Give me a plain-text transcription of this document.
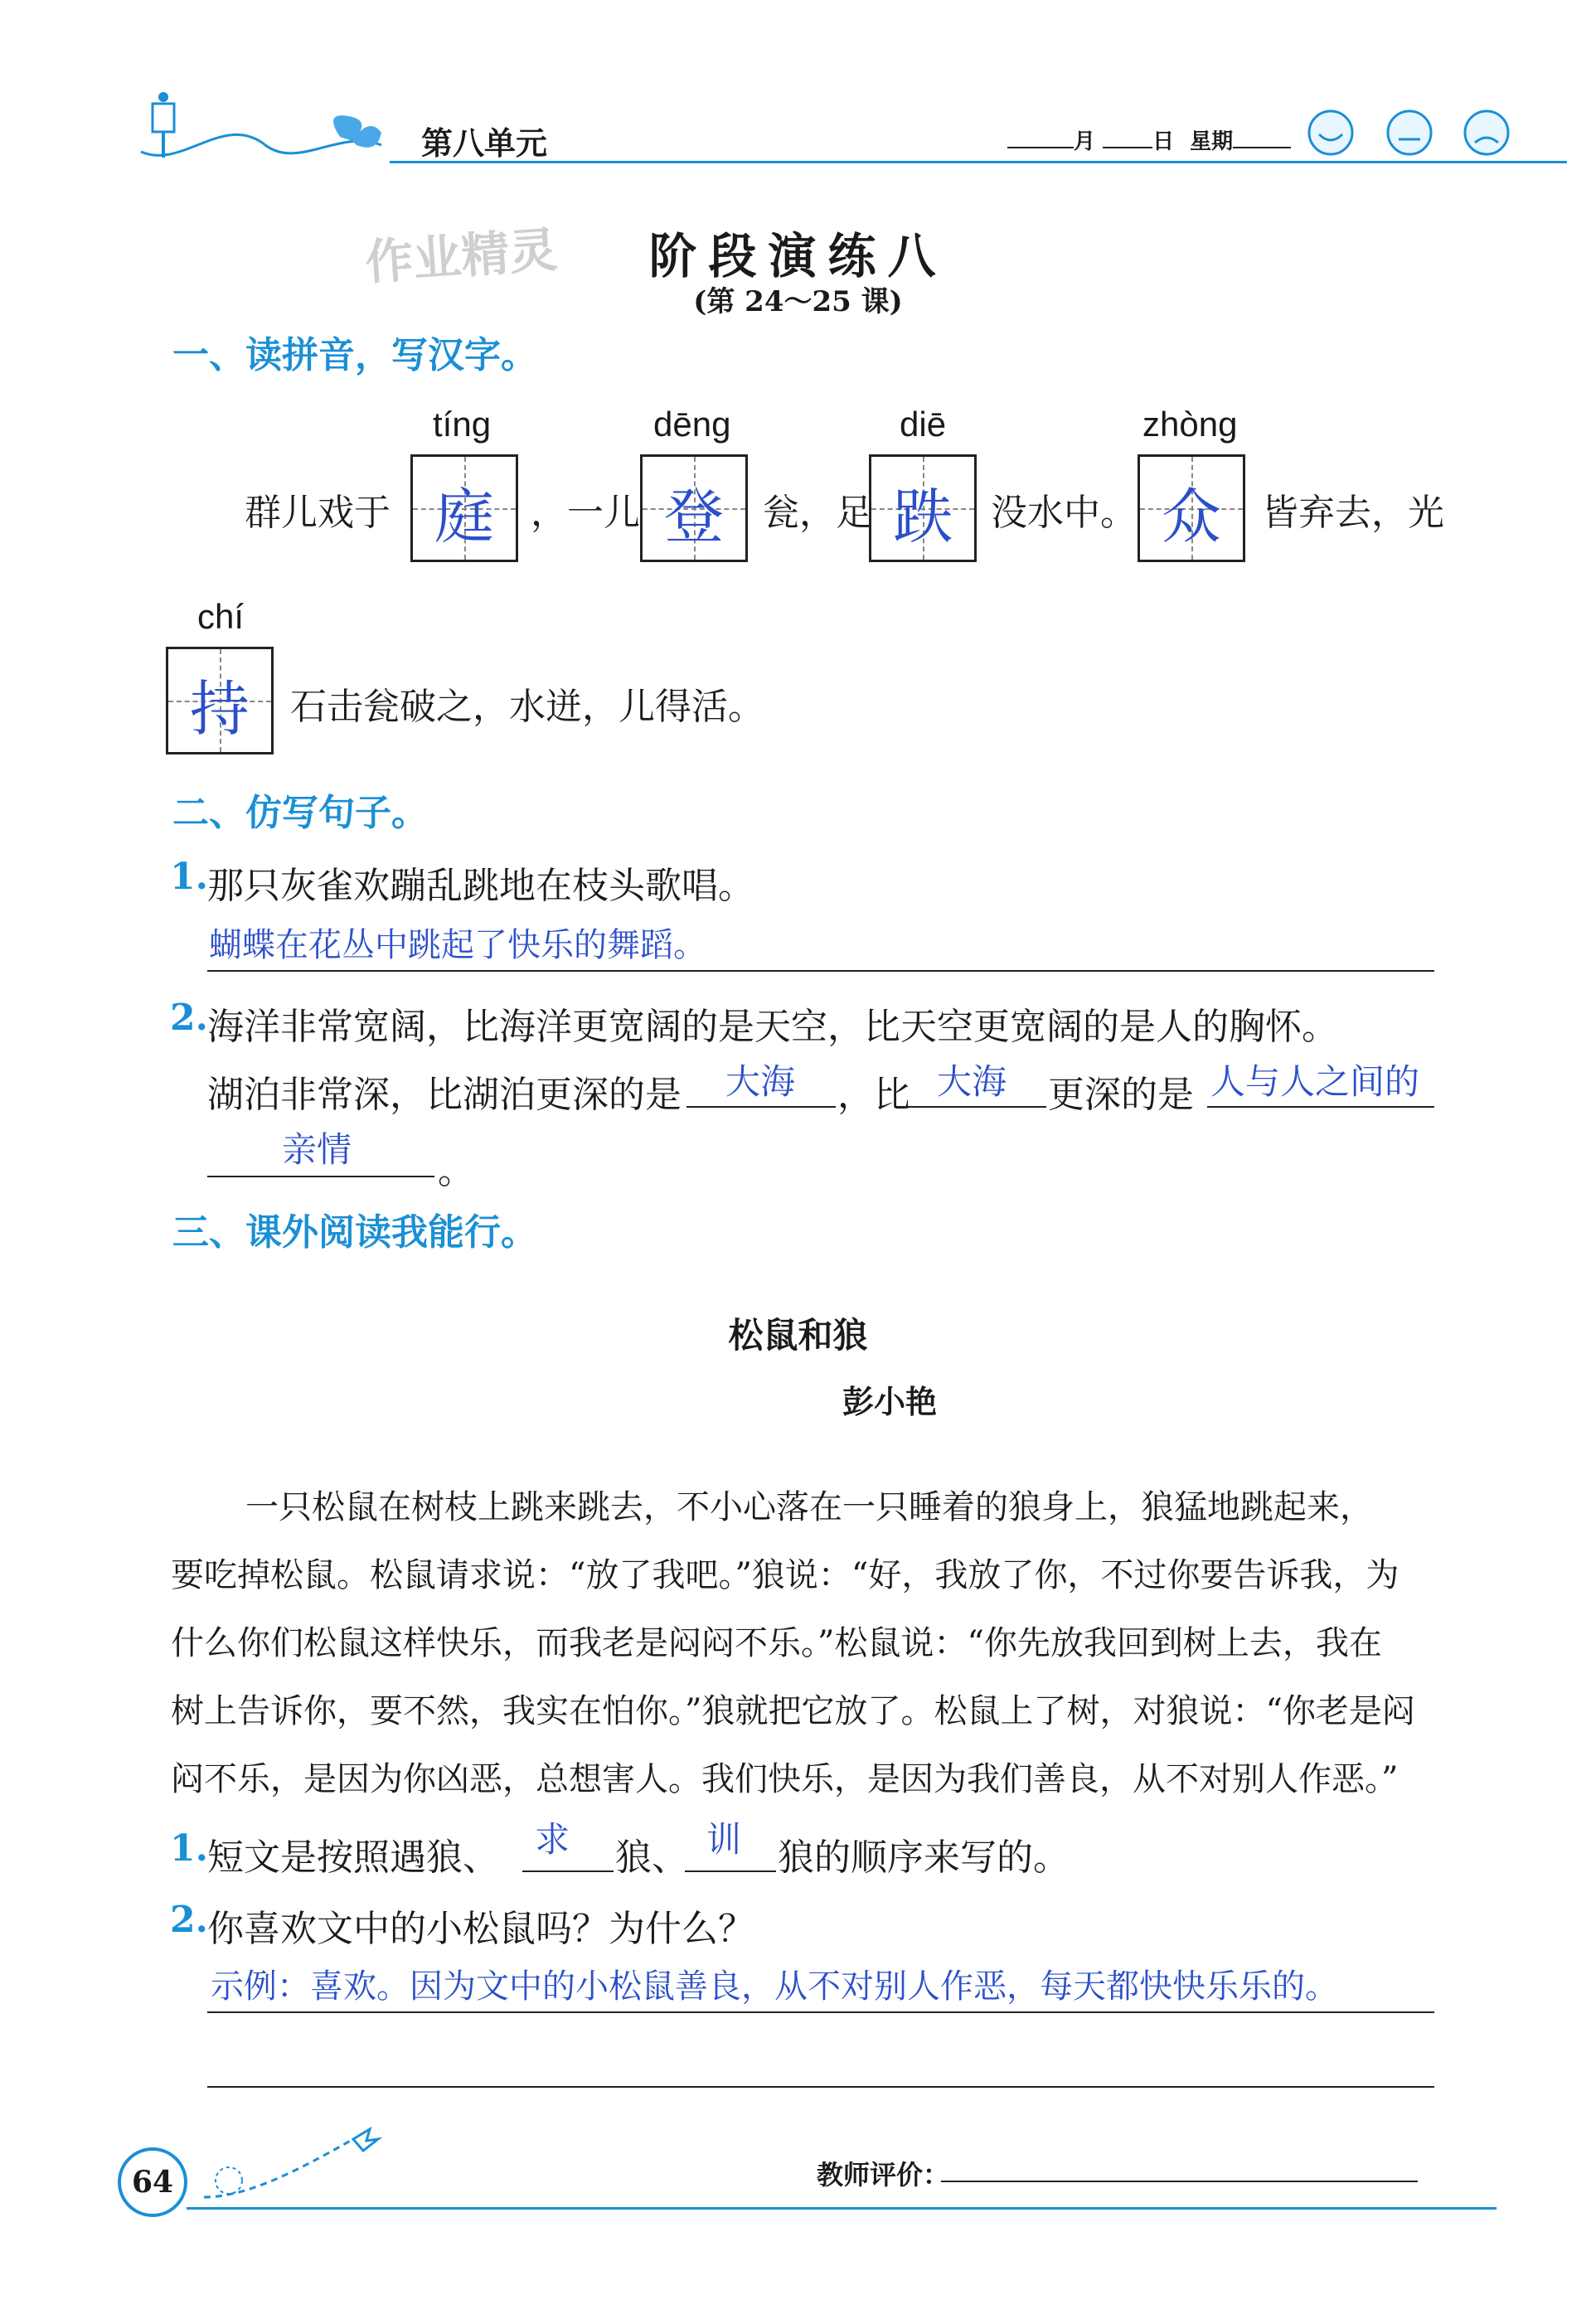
第八单元	月	日 星期
作业精灵	阶段演练八
(第 24～25 课)
一、读拼音，写汉字。
tíng	dēng	diē	zhòng
群儿戏于 庭	，一儿 登	瓮，足 跌	没水中。 众	皆弃去，光
chí
持	石击瓮破之，水迸，儿得活。
二、仿写句子。
1. 那只灰雀欢蹦乱跳地在枝头歌唱。
蝴蝶在花丛中跳起了快乐的舞蹈。
2. 海洋非常宽阔，比海洋更宽阔的是天空，比天空更宽阔的是人的胸怀。
湖泊非常深，比湖泊更深的是 大海 ，比 大海 更深的是 人与人之间的
亲情
。
三、课外阅读我能行。
松鼠和狼
彭小艳
一只松鼠在树枝上跳来跳去，不小心落在一只睡着的狼身上，狼猛地跳起来，
要吃掉松鼠。松鼠请求说：“放了我吧。”狼说：“好，我放了你，不过你要告诉我，为
什么你们松鼠这样快乐，而我老是闷闷不乐。”松鼠说：“你先放我回到树上去，我在
树上告诉你，要不然，我实在怕你。”狼就把它放了。松鼠上了树，对狼说：“你老是闷
闷不乐，是因为你凶恶，总想害人。我们快乐，是因为我们善良，从不对别人作恶。”
1. 短文是按照遇狼、 求 狼、 训 狼的顺序来写的。
2. 你喜欢文中的小松鼠吗？为什么？
示例：喜欢。因为文中的小松鼠善良，从不对别人作恶，每天都快快乐乐的。
64	教师评价：
